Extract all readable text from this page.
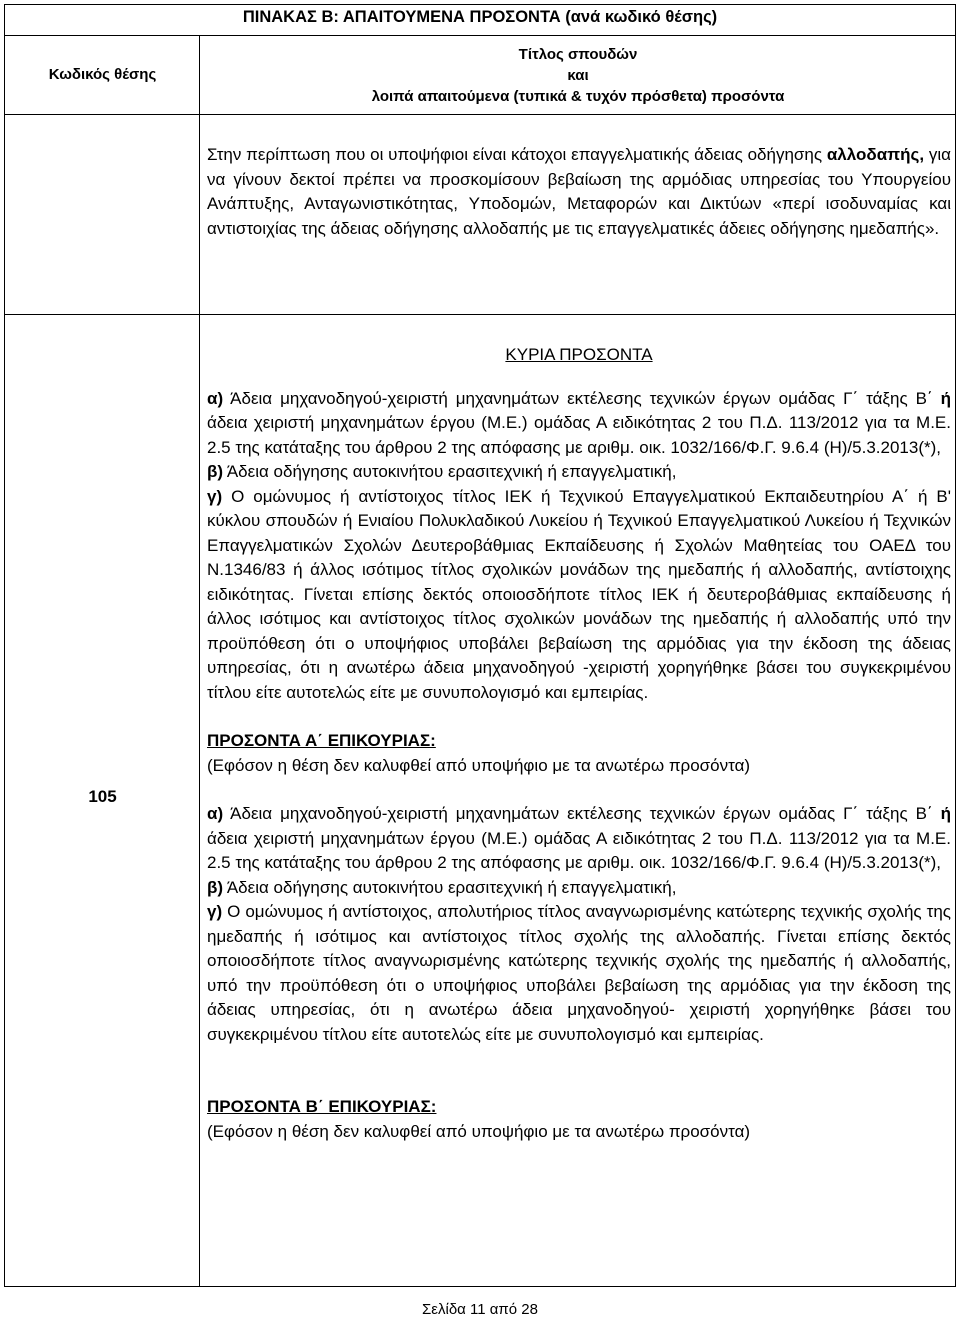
ΠΙΝΑΚΑΣ Β: ΑΠΑΙΤΟΥΜΕΝΑ ΠΡΟΣΟΝΤΑ (ανά κωδικό θέσης)
Κωδικός θέσης
Τίτλος σπουδών
και
λοιπά απαιτούμενα (τυπικά & τυχόν πρόσθετα) προσόντα
Στην περίπτωση που οι υποψήφιοι είναι κάτοχοι επαγγελματικής άδειας οδήγησης αλλοδαπής, για να γίνουν δεκτοί πρέπει να προσκομίσουν βεβαίωση της αρμόδιας υπηρεσίας του Υπουργείου Ανάπτυξης, Ανταγωνιστικότητας, Υποδομών, Μεταφορών και Δικτύων «περί ισοδυναμίας και αντιστοιχίας της άδειας οδήγησης αλλοδαπής με τις επαγγελματικές άδειες οδήγησης ημεδαπής».
105
ΚΥΡΙΑ ΠΡΟΣΟΝΤΑ

α) Άδεια μηχανοδηγού-χειριστή μηχανημάτων εκτέλεσης τεχνικών έργων ομάδας Γ΄ τάξης Β΄ ή άδεια χειριστή μηχανημάτων έργου (Μ.Ε.) ομάδας Α ειδικότητας 2 του Π.Δ. 113/2012 για τα Μ.Ε. 2.5 της κατάταξης του άρθρου 2 της απόφασης με αριθμ. οικ. 1032/166/Φ.Γ. 9.6.4 (Η)/5.3.2013(*),

β) Άδεια οδήγησης αυτοκινήτου ερασιτεχνική ή επαγγελματική,

γ) Ο ομώνυμος ή αντίστοιχος τίτλος ΙΕΚ ή Τεχνικού Επαγγελματικού Εκπαιδευτηρίου Α΄ ή Β' κύκλου σπουδών ή Ενιαίου Πολυκλαδικού Λυκείου ή Τεχνικού Επαγγελματικού Λυκείου ή Τεχνικών Επαγγελματικών Σχολών Δευτεροβάθμιας Εκπαίδευσης ή Σχολών Μαθητείας του ΟΑΕΔ του Ν.1346/83 ή άλλος ισότιμος τίτλος σχολικών μονάδων της ημεδαπής ή αλλοδαπής, αντίστοιχης ειδικότητας. Γίνεται επίσης δεκτός οποιοσδήποτε τίτλος ΙΕΚ ή δευτεροβάθμιας εκπαίδευσης ή άλλος ισότιμος και αντίστοιχος τίτλος σχολικών μονάδων της ημεδαπής ή αλλοδαπής υπό την προϋπόθεση ότι ο υποψήφιος υποβάλει βεβαίωση της αρμόδιας για την έκδοση της άδειας υπηρεσίας, ότι η ανωτέρω άδεια μηχανοδηγού -χειριστή χορηγήθηκε βάσει του συγκεκριμένου τίτλου είτε αυτοτελώς είτε με συνυπολογισμό και εμπειρίας.

ΠΡΟΣΟΝΤΑ Α΄ ΕΠΙΚΟΥΡΙΑΣ:

(Εφόσον η θέση δεν καλυφθεί από υποψήφιο με τα ανωτέρω προσόντα)

α) Άδεια μηχανοδηγού-χειριστή μηχανημάτων εκτέλεσης τεχνικών έργων ομάδας Γ΄ τάξης Β΄ ή άδεια χειριστή μηχανημάτων έργου (Μ.Ε.) ομάδας Α ειδικότητας 2 του Π.Δ. 113/2012 για τα Μ.Ε. 2.5 της κατάταξης του άρθρου 2 της απόφασης με αριθμ. οικ. 1032/166/Φ.Γ. 9.6.4 (Η)/5.3.2013(*),

β) Άδεια οδήγησης αυτοκινήτου ερασιτεχνική ή επαγγελματική,

γ) Ο ομώνυμος ή αντίστοιχος, απολυτήριος τίτλος αναγνωρισμένης κατώτερης τεχνικής σχολής της ημεδαπής ή ισότιμος και αντίστοιχος τίτλος σχολής της αλλοδαπής. Γίνεται επίσης δεκτός οποιοσδήποτε τίτλος αναγνωρισμένης κατώτερης τεχνικής σχολής της ημεδαπής ή αλλοδαπής, υπό την προϋπόθεση ότι ο υποψήφιος υποβάλει βεβαίωση της αρμόδιας για την έκδοση της άδειας υπηρεσίας, ότι η ανωτέρω άδεια μηχανοδηγού- χειριστή χορηγήθηκε βάσει του συγκεκριμένου τίτλου είτε αυτοτελώς είτε με συνυπολογισμό και εμπειρίας.

ΠΡΟΣΟΝΤΑ Β΄ ΕΠΙΚΟΥΡΙΑΣ:

(Εφόσον η θέση δεν καλυφθεί από υποψήφιο με τα ανωτέρω προσόντα)

Σελίδα 11 από 28
